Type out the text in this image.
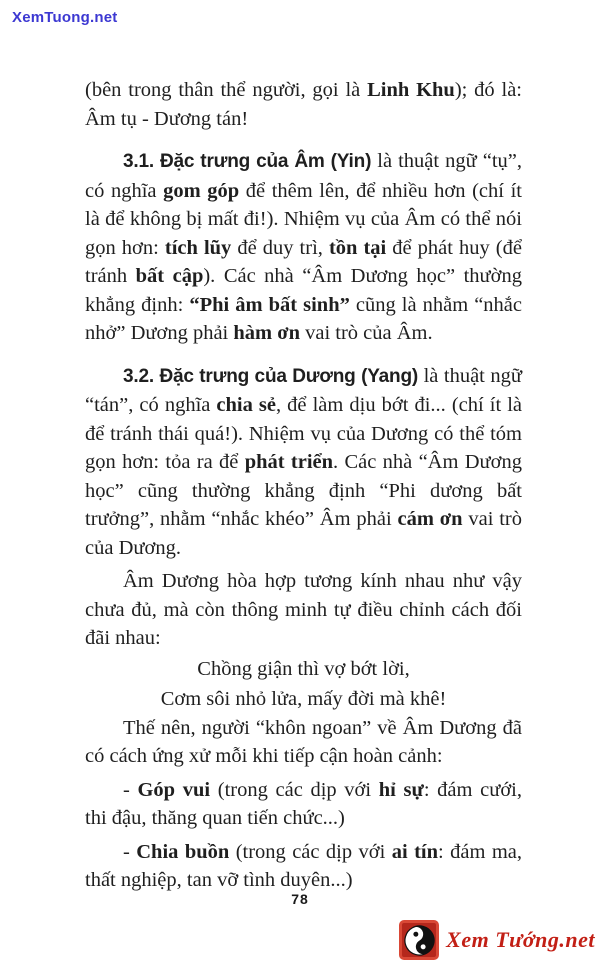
XemTuong.net

(bên trong thân thể người, gọi là Linh Khu); đó là: Âm tụ - Dương tán!

3.1. Đặc trưng của Âm (Yin) là thuật ngữ “tụ”, có nghĩa gom góp để thêm lên, để nhiều hơn (chí ít là để không bị mất đi!). Nhiệm vụ của Âm có thể nói gọn hơn: tích lũy để duy trì, tồn tại để phát huy (để tránh bất cập). Các nhà “Âm Dương học” thường khẳng định: “Phi âm bất sinh” cũng là nhằm “nhắc nhở” Dương phải hàm ơn vai trò của Âm.

3.2. Đặc trưng của Dương (Yang) là thuật ngữ “tán”, có nghĩa chia sẻ, để làm dịu bớt đi... (chí ít là để tránh thái quá!). Nhiệm vụ của Dương có thể tóm gọn hơn: tỏa ra để phát triển. Các nhà “Âm Dương học” cũng thường khẳng định “Phi dương bất trưởng”, nhằm “nhắc khéo” Âm phải cám ơn vai trò của Dương.

Âm Dương hòa hợp tương kính nhau như vậy chưa đủ, mà còn thông minh tự điều chỉnh cách đối đãi nhau:

Chồng giận thì vợ bớt lời,

Cơm sôi nhỏ lửa, mấy đời mà khê!

Thế nên, người “khôn ngoan” về Âm Dương đã có cách ứng xử mỗi khi tiếp cận hoàn cảnh:

- Góp vui (trong các dịp với hỉ sự: đám cưới, thi đậu, thăng quan tiến chức...)

- Chia buồn (trong các dịp với ai tín: đám ma, thất nghiệp, tan vỡ tình duyên...)

78
Xem Tướng.net
